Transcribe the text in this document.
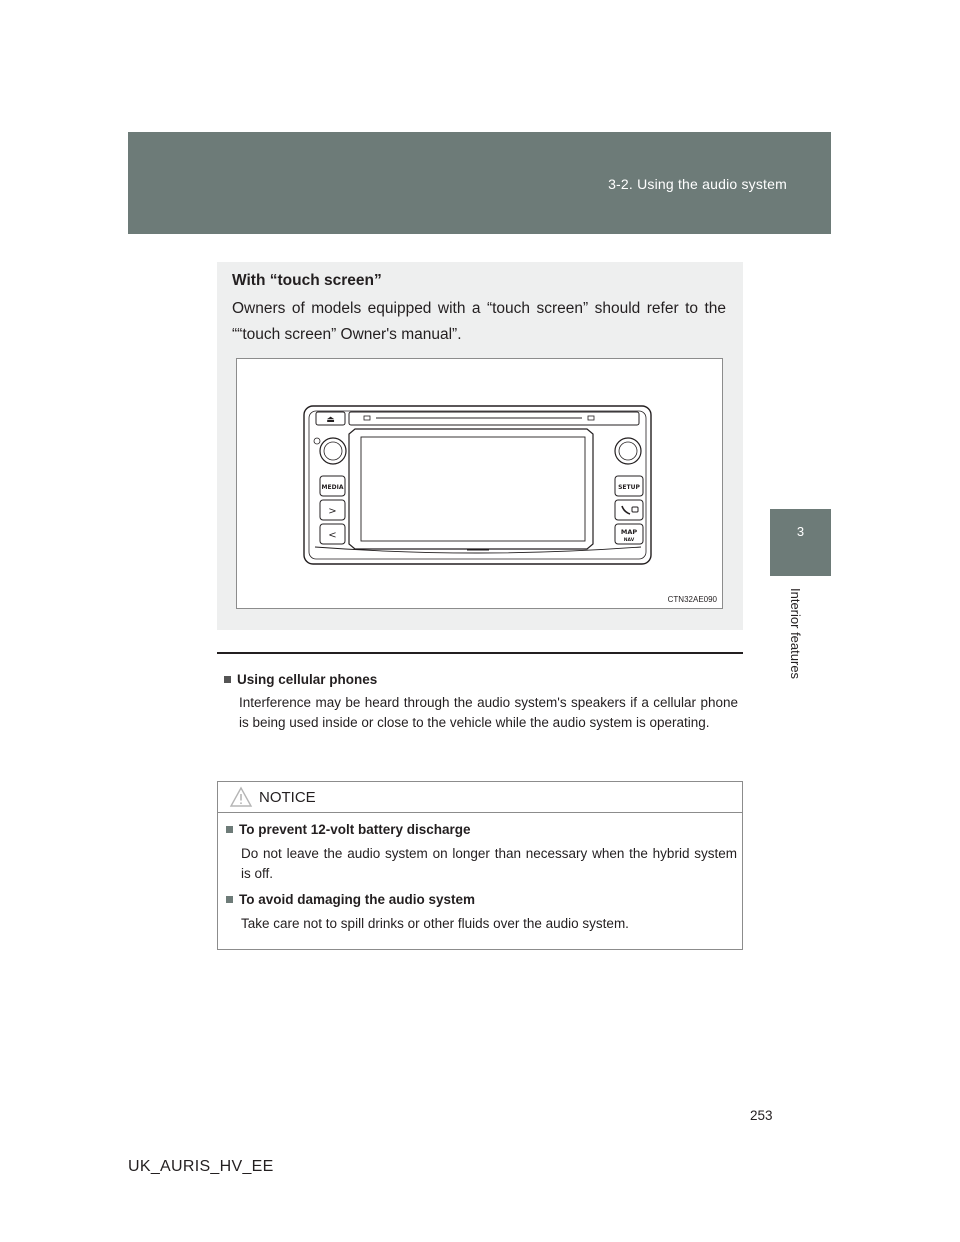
3-2. Using the audio system
3
Interior features
With “touch screen”
Owners of models equipped with a “touch screen” should refer to the ““touch screen” Owner's manual”.
⏏
MEDIA
>
<
SETUP
MAP
NAV
CTN32AE090
Using cellular phones
Interference may be heard through the audio system's speakers if a cellular phone is being used inside or close to the vehicle while the audio system is operating.
NOTICE
To prevent 12-volt battery discharge
Do not leave the audio system on longer than necessary when the hybrid system is off.
To avoid damaging the audio system
Take care not to spill drinks or other fluids over the audio system.
253
UK_AURIS_HV_EE
